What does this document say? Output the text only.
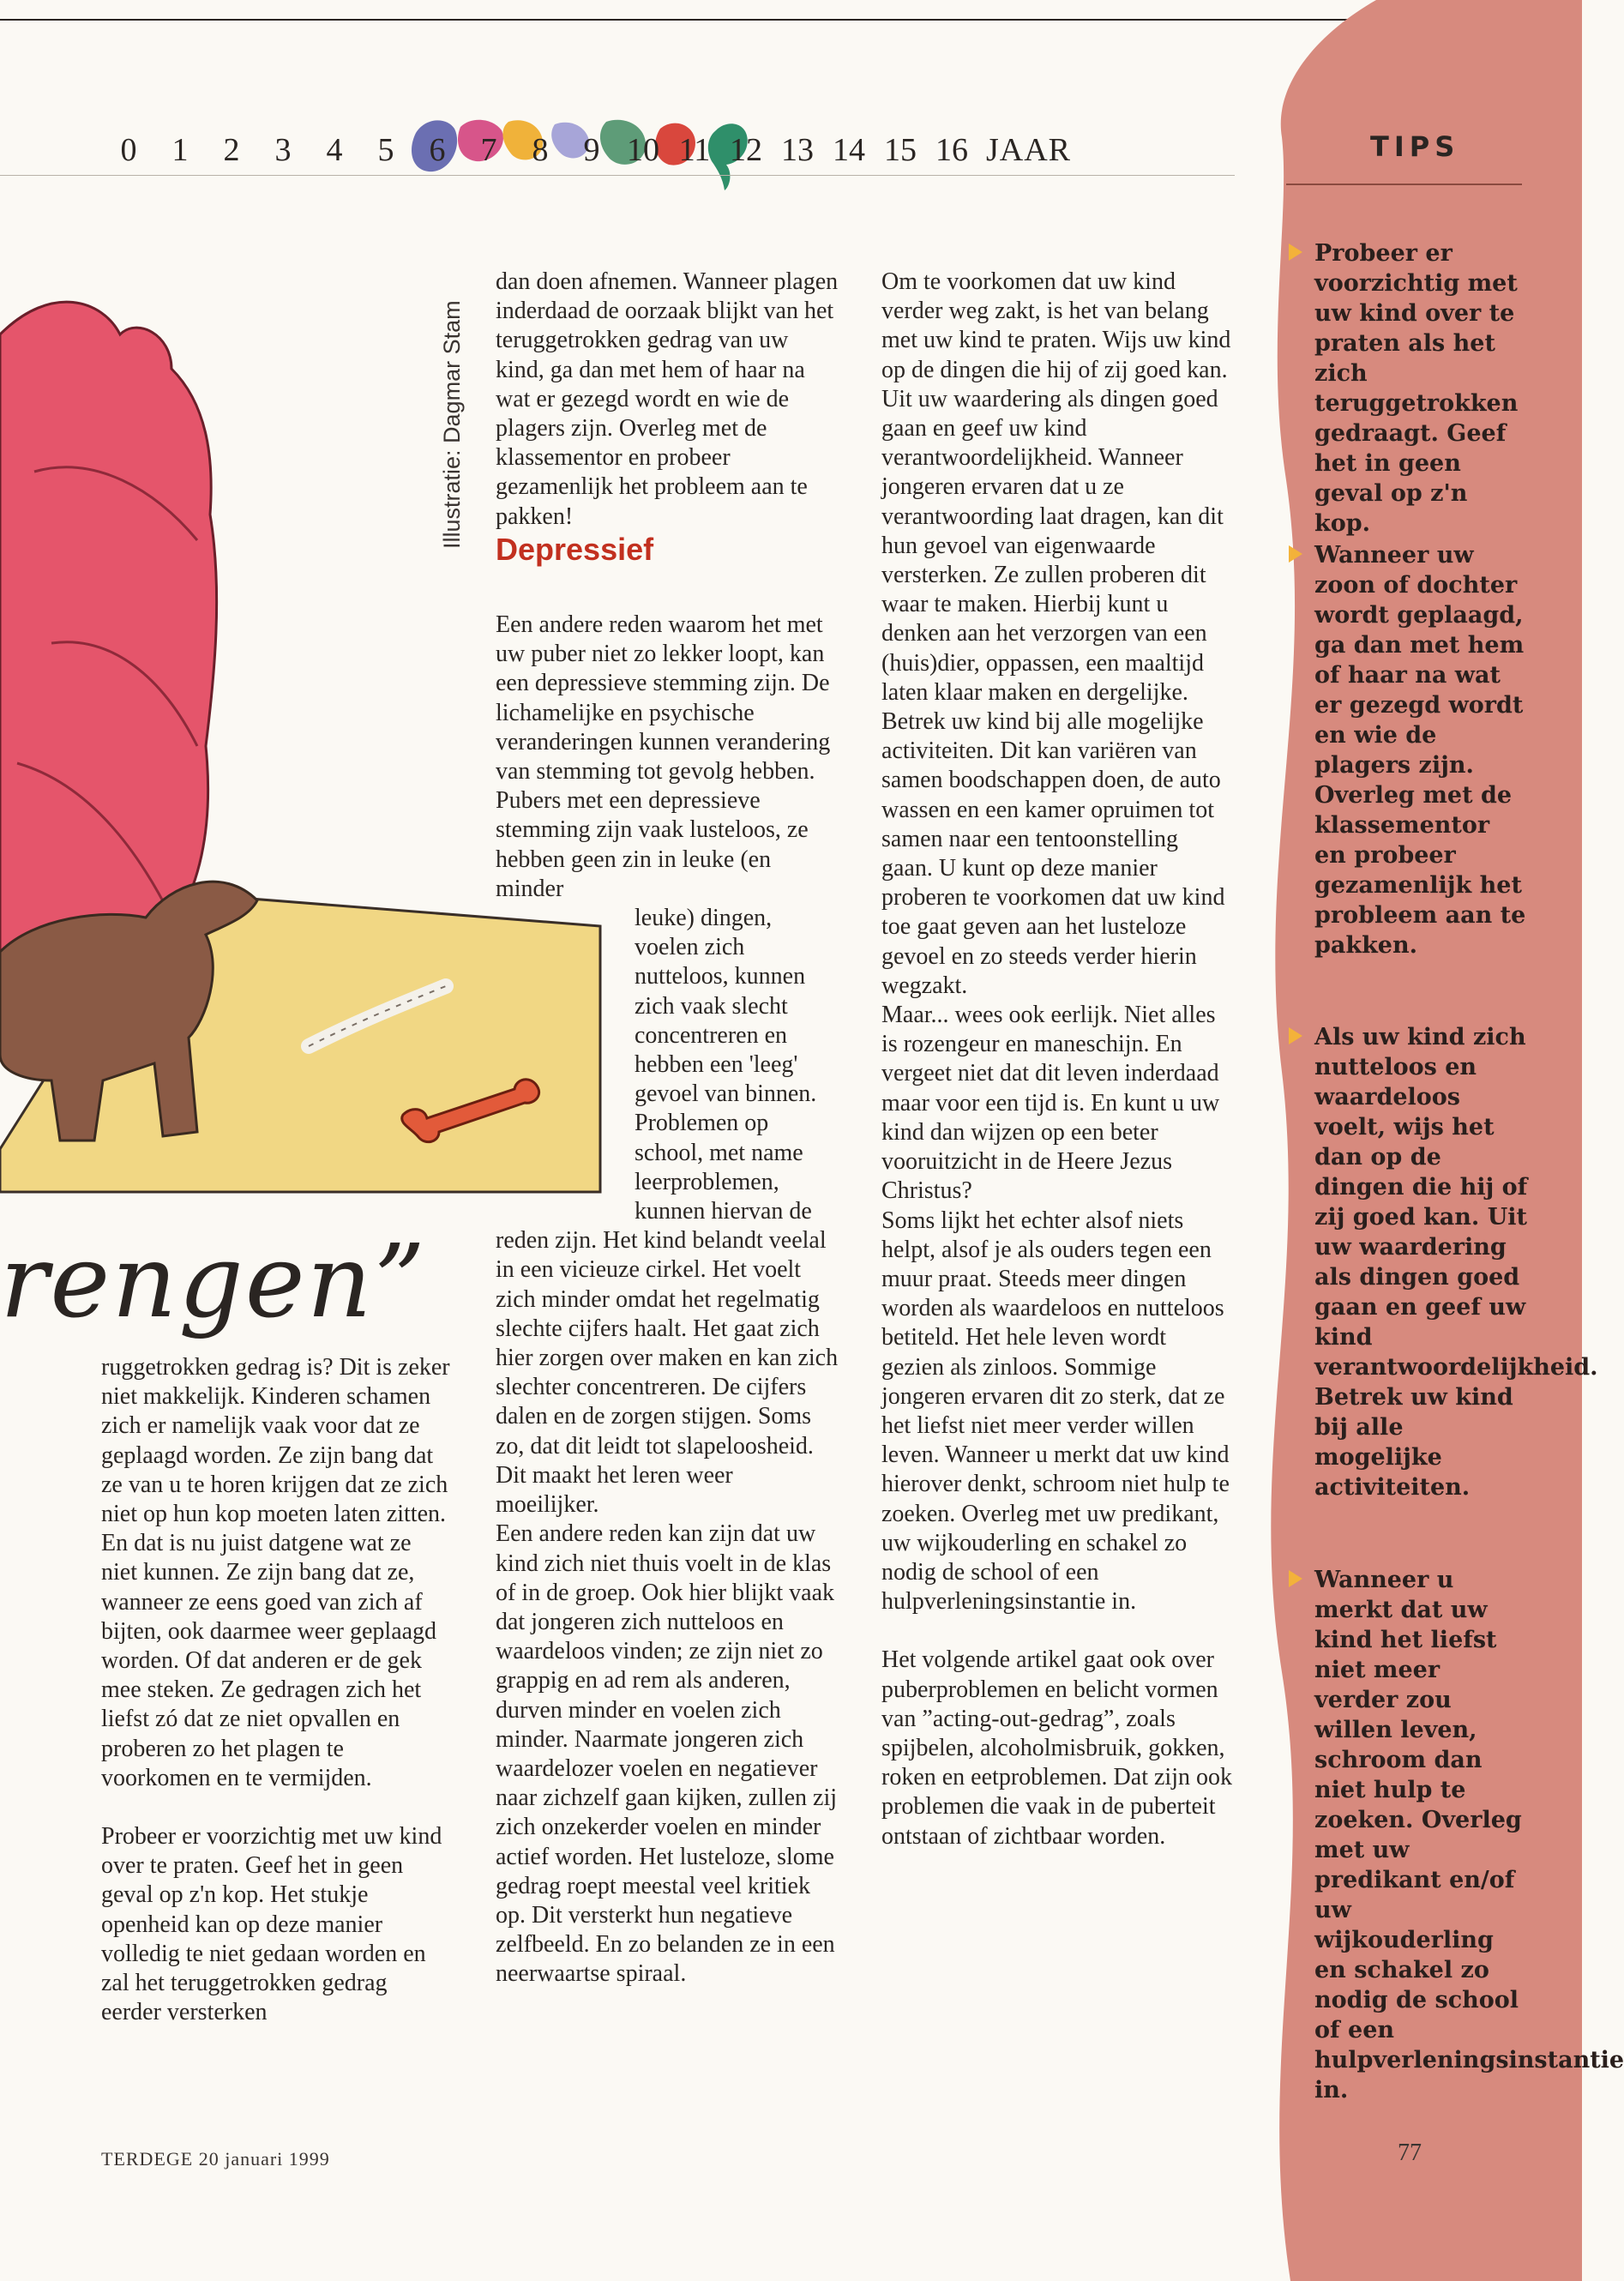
0	1	2	3	4	5	6	7	8	9 10 11 12 13 14 15 16 JAAR	TIPS
Illustratie: Dagmar Stam
rengen”

ruggetrokken gedrag is? Dit is zeker niet makkelijk. Kinderen schamen zich er namelijk vaak voor dat ze geplaagd worden. Ze zijn bang dat ze van u te horen krijgen dat ze zich niet op hun kop moeten laten zitten. En dat is nu juist datgene wat ze niet kunnen. Ze zijn bang dat ze, wanneer ze eens goed van zich af bijten, ook daarmee weer geplaagd worden. Of dat anderen er de gek mee steken. Ze gedragen zich het liefst zó dat ze niet opvallen en proberen zo het plagen te voorkomen en te vermijden.

Probeer er voorzichtig met uw kind over te praten. Geef het in geen geval op z'n kop. Het stukje openheid kan op deze manier volledig te niet gedaan worden en zal het teruggetrokken gedrag eerder versterken

dan doen afnemen. Wanneer plagen inderdaad de oorzaak blijkt van het teruggetrokken gedrag van uw kind, ga dan met hem of haar na wat er gezegd wordt en wie de plagers zijn. Overleg met de klassementor en probeer gezamenlijk het probleem aan te pakken!

Depressief

Een andere reden waarom het met uw puber niet zo lekker loopt, kan een depressieve stemming zijn. De lichamelijke en psychische veranderingen kunnen verandering van stemming tot gevolg hebben. Pubers met een depressieve stemming zijn vaak lusteloos, ze hebben geen zin in leuke (en minder

leuke) dingen, voelen zich nutteloos, kunnen zich vaak slecht concentreren en hebben een 'leeg' gevoel van binnen. Problemen op school, met name leerproblemen, kunnen hiervan de

reden zijn. Het kind belandt veelal in een vicieuze cirkel. Het voelt zich minder omdat het regelmatig slechte cijfers haalt. Het gaat zich hier zorgen over maken en kan zich slechter concentreren. De cijfers dalen en de zorgen stijgen. Soms zo, dat dit leidt tot slapeloosheid. Dit maakt het leren weer moeilijker.

Een andere reden kan zijn dat uw kind zich niet thuis voelt in de klas of in de groep. Ook hier blijkt vaak dat jongeren zich nutteloos en waardeloos vinden; ze zijn niet zo grappig en ad rem als anderen, durven minder en voelen zich minder. Naarmate jongeren zich waardelozer voelen en negatiever naar zichzelf gaan kijken, zullen zij zich onzekerder voelen en minder actief worden. Het lusteloze, slome gedrag roept meestal veel kritiek op. Dit versterkt hun negatieve zelfbeeld. En zo belanden ze in een neerwaartse spiraal.

Om te voorkomen dat uw kind verder weg zakt, is het van belang met uw kind te praten. Wijs uw kind op de dingen die hij of zij goed kan. Uit uw waardering als dingen goed gaan en geef uw kind verantwoordelijkheid. Wanneer jongeren ervaren dat u ze verantwoording laat dragen, kan dit hun gevoel van eigenwaarde versterken. Ze zullen proberen dit waar te maken. Hierbij kunt u denken aan het verzorgen van een (huis)dier, oppassen, een maaltijd laten klaar maken en dergelijke.

Betrek uw kind bij alle mogelijke activiteiten. Dit kan variëren van samen boodschappen doen, de auto wassen en een kamer opruimen tot samen naar een tentoonstelling gaan. U kunt op deze manier proberen te voorkomen dat uw kind toe gaat geven aan het lusteloze gevoel en zo steeds verder hierin wegzakt.

Maar... wees ook eerlijk. Niet alles is rozengeur en maneschijn. En vergeet niet dat dit leven inderdaad maar voor een tijd is. En kunt u uw kind dan wijzen op een beter vooruitzicht in de Heere Jezus Christus?

Soms lijkt het echter alsof niets helpt, alsof je als ouders tegen een muur praat. Steeds meer dingen worden als waardeloos en nutteloos betiteld. Het hele leven wordt gezien als zinloos. Sommige jongeren ervaren dit zo sterk, dat ze het liefst niet meer verder willen leven. Wanneer u merkt dat uw kind hierover denkt, schroom niet hulp te zoeken. Overleg met uw predikant, uw wijkouderling en schakel zo nodig de school of een hulpverleningsinstantie in.

Het volgende artikel gaat ook over puberproblemen en belicht vormen van ”acting-out-gedrag”, zoals spijbelen, alcoholmisbruik, gokken, roken en eetproblemen. Dat zijn ook problemen die vaak in de puberteit ontstaan of zichtbaar worden.

Probeer er voorzichtig met uw kind over te praten als het zich teruggetrokken gedraagt. Geef het in geen geval op z'n kop.
Wanneer uw zoon of dochter wordt geplaagd, ga dan met hem of haar na wat er gezegd wordt en wie de plagers zijn. Overleg met de klassementor en probeer gezamenlijk het probleem aan te pakken.
Als uw kind zich nutteloos en waardeloos voelt, wijs het dan op de dingen die hij of zij goed kan. Uit uw waardering als dingen goed gaan en geef uw kind verantwoordelijkheid. Betrek uw kind bij alle mogelijke activiteiten.
Wanneer u merkt dat uw kind het liefst niet meer verder zou willen leven, schroom dan niet hulp te zoeken. Overleg met uw predikant en/of uw wijkouderling en schakel zo nodig de school of een hulpverleningsinstantie in.
TERDEGE 20 januari 1999	77
